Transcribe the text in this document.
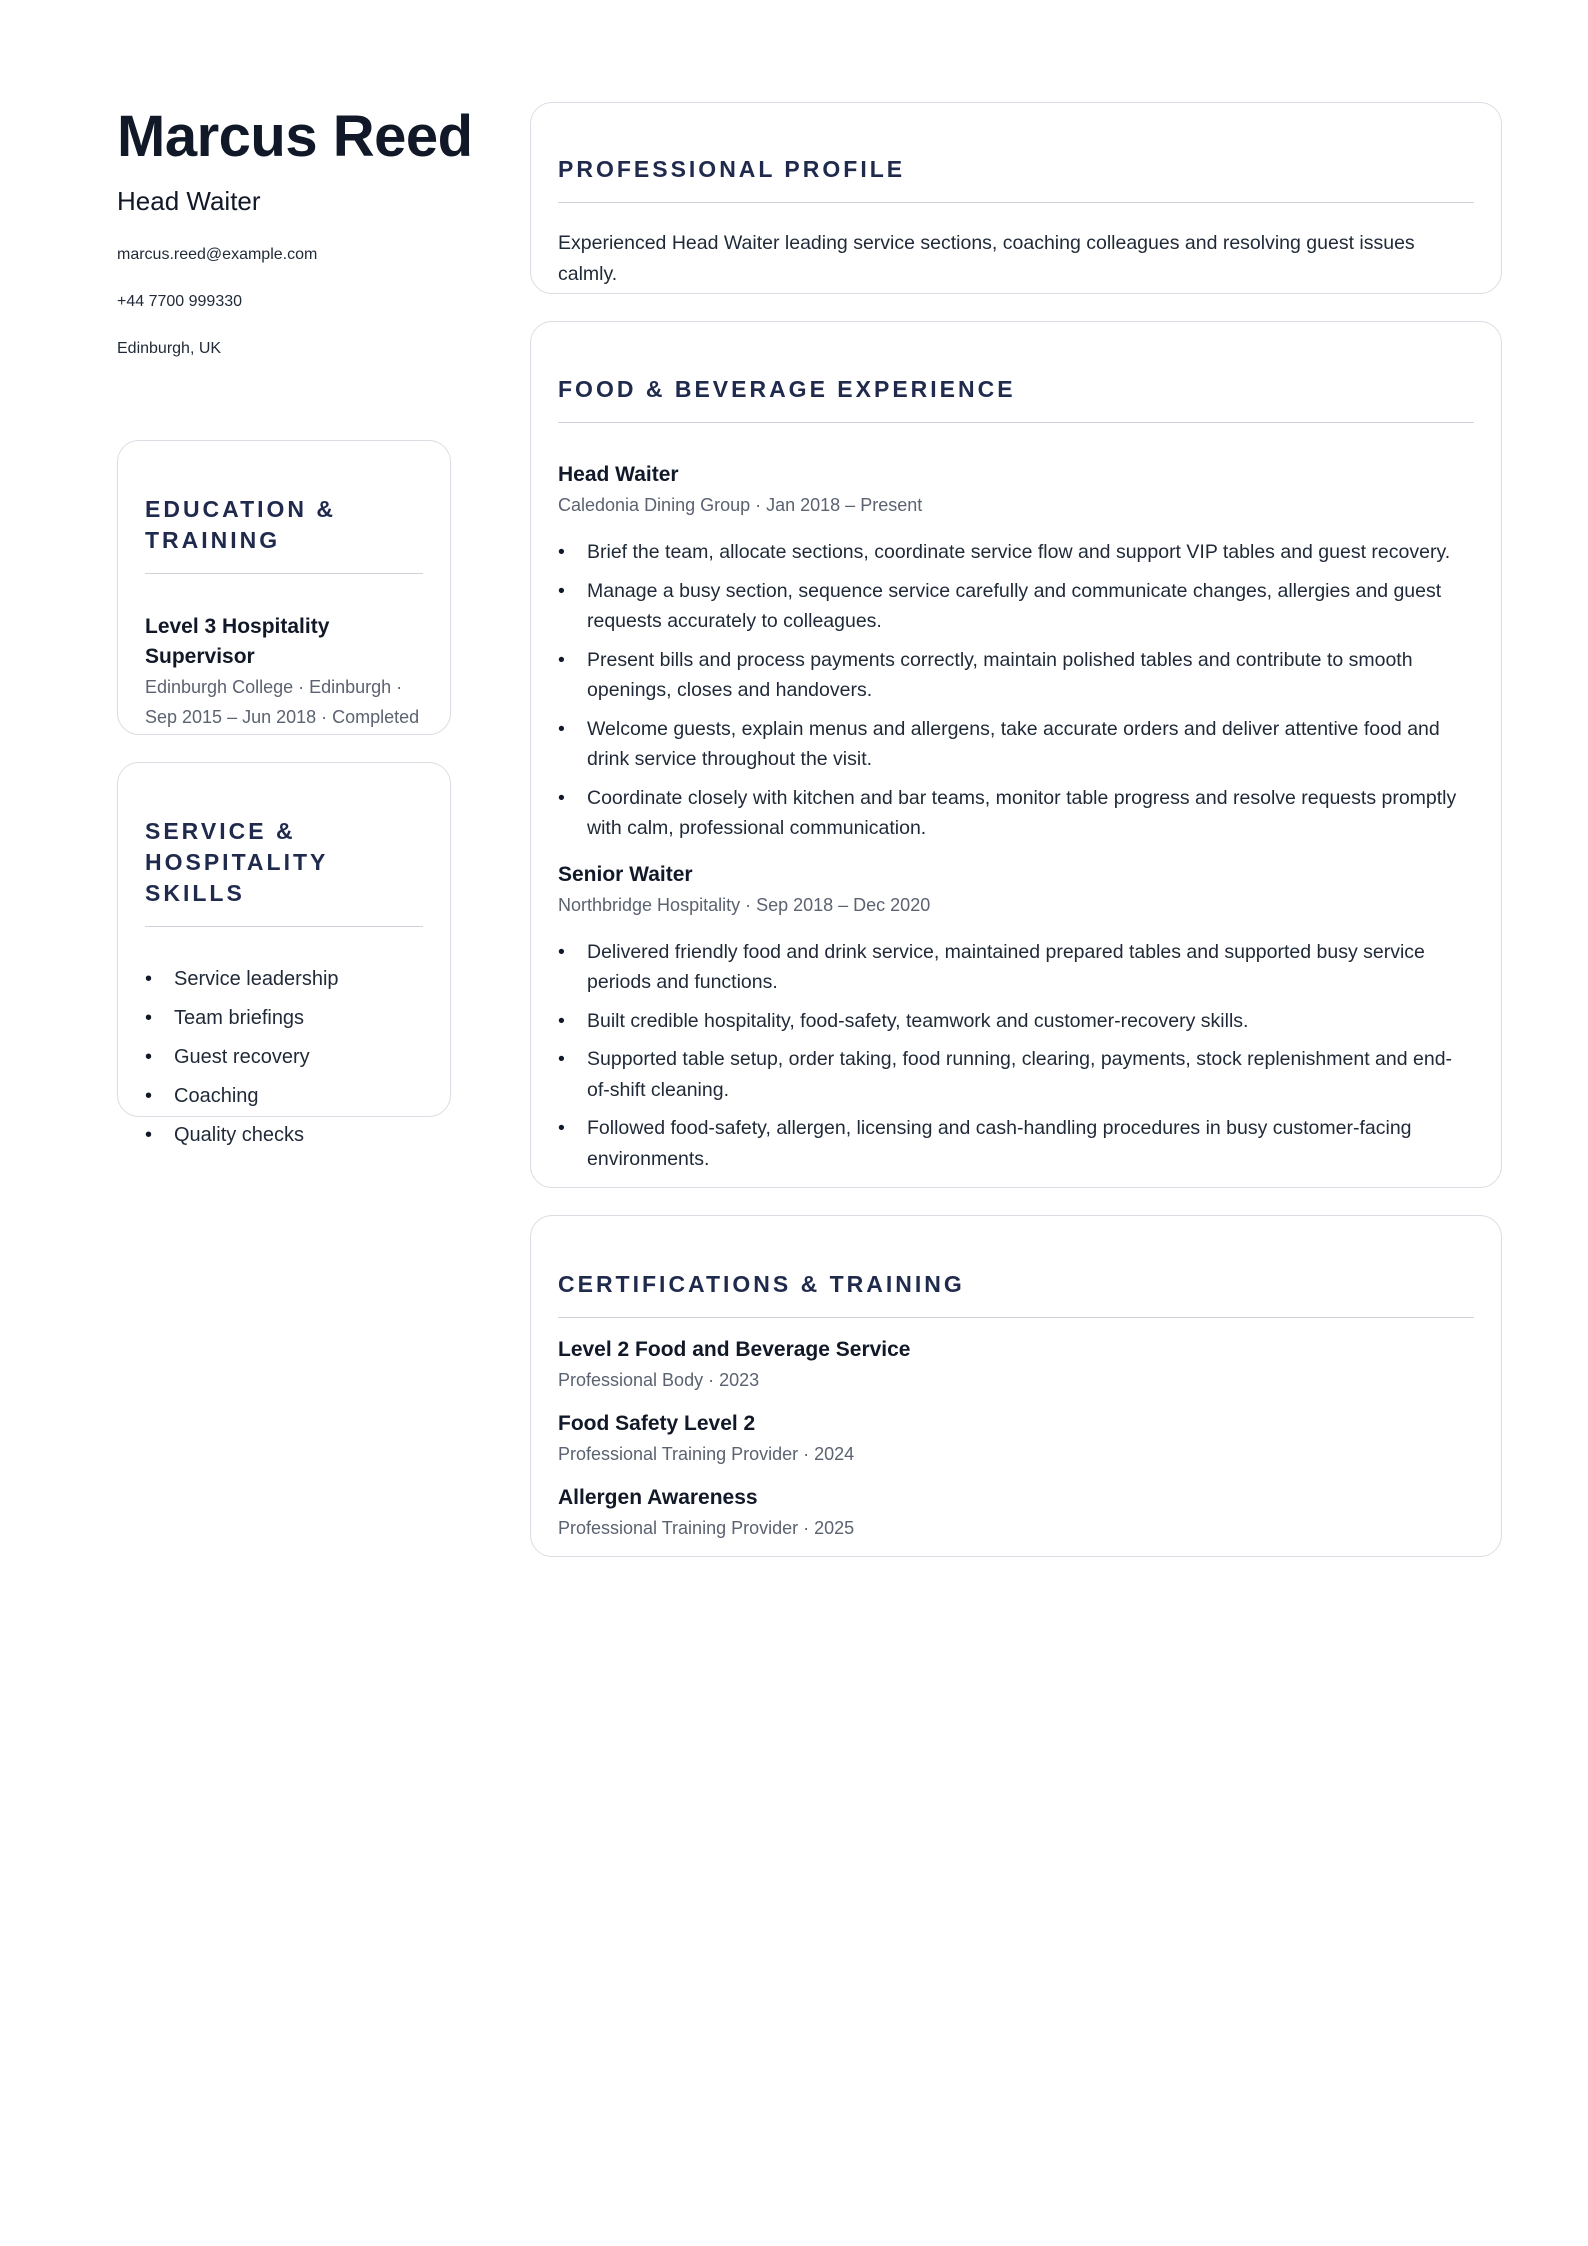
Marcus Reed
Head Waiter
marcus.reed@example.com
+44 7700 999330
Edinburgh, UK
EDUCATION & TRAINING
Level 3 Hospitality Supervisor
Edinburgh College · Edinburgh · Sep 2015 – Jun 2018 · Completed
SERVICE & HOSPITALITY SKILLS
• Service leadership
• Team briefings
• Guest recovery
• Coaching
• Quality checks
PROFESSIONAL PROFILE
Experienced Head Waiter leading service sections, coaching colleagues and resolving guest issues calmly.
FOOD & BEVERAGE EXPERIENCE
Head Waiter
Caledonia Dining Group · Jan 2018 – Present
• Brief the team, allocate sections, coordinate service flow and support VIP tables and guest recovery.
• Manage a busy section, sequence service carefully and communicate changes, allergies and guest requests accurately to colleagues.
• Present bills and process payments correctly, maintain polished tables and contribute to smooth openings, closes and handovers.
• Welcome guests, explain menus and allergens, take accurate orders and deliver attentive food and drink service throughout the visit.
• Coordinate closely with kitchen and bar teams, monitor table progress and resolve requests promptly with calm, professional communication.
Senior Waiter
Northbridge Hospitality · Sep 2018 – Dec 2020
• Delivered friendly food and drink service, maintained prepared tables and supported busy service periods and functions.
• Built credible hospitality, food-safety, teamwork and customer-recovery skills.
• Supported table setup, order taking, food running, clearing, payments, stock replenishment and end-of-shift cleaning.
• Followed food-safety, allergen, licensing and cash-handling procedures in busy customer-facing environments.
CERTIFICATIONS & TRAINING
Level 2 Food and Beverage Service
Professional Body · 2023
Food Safety Level 2
Professional Training Provider · 2024
Allergen Awareness
Professional Training Provider · 2025
